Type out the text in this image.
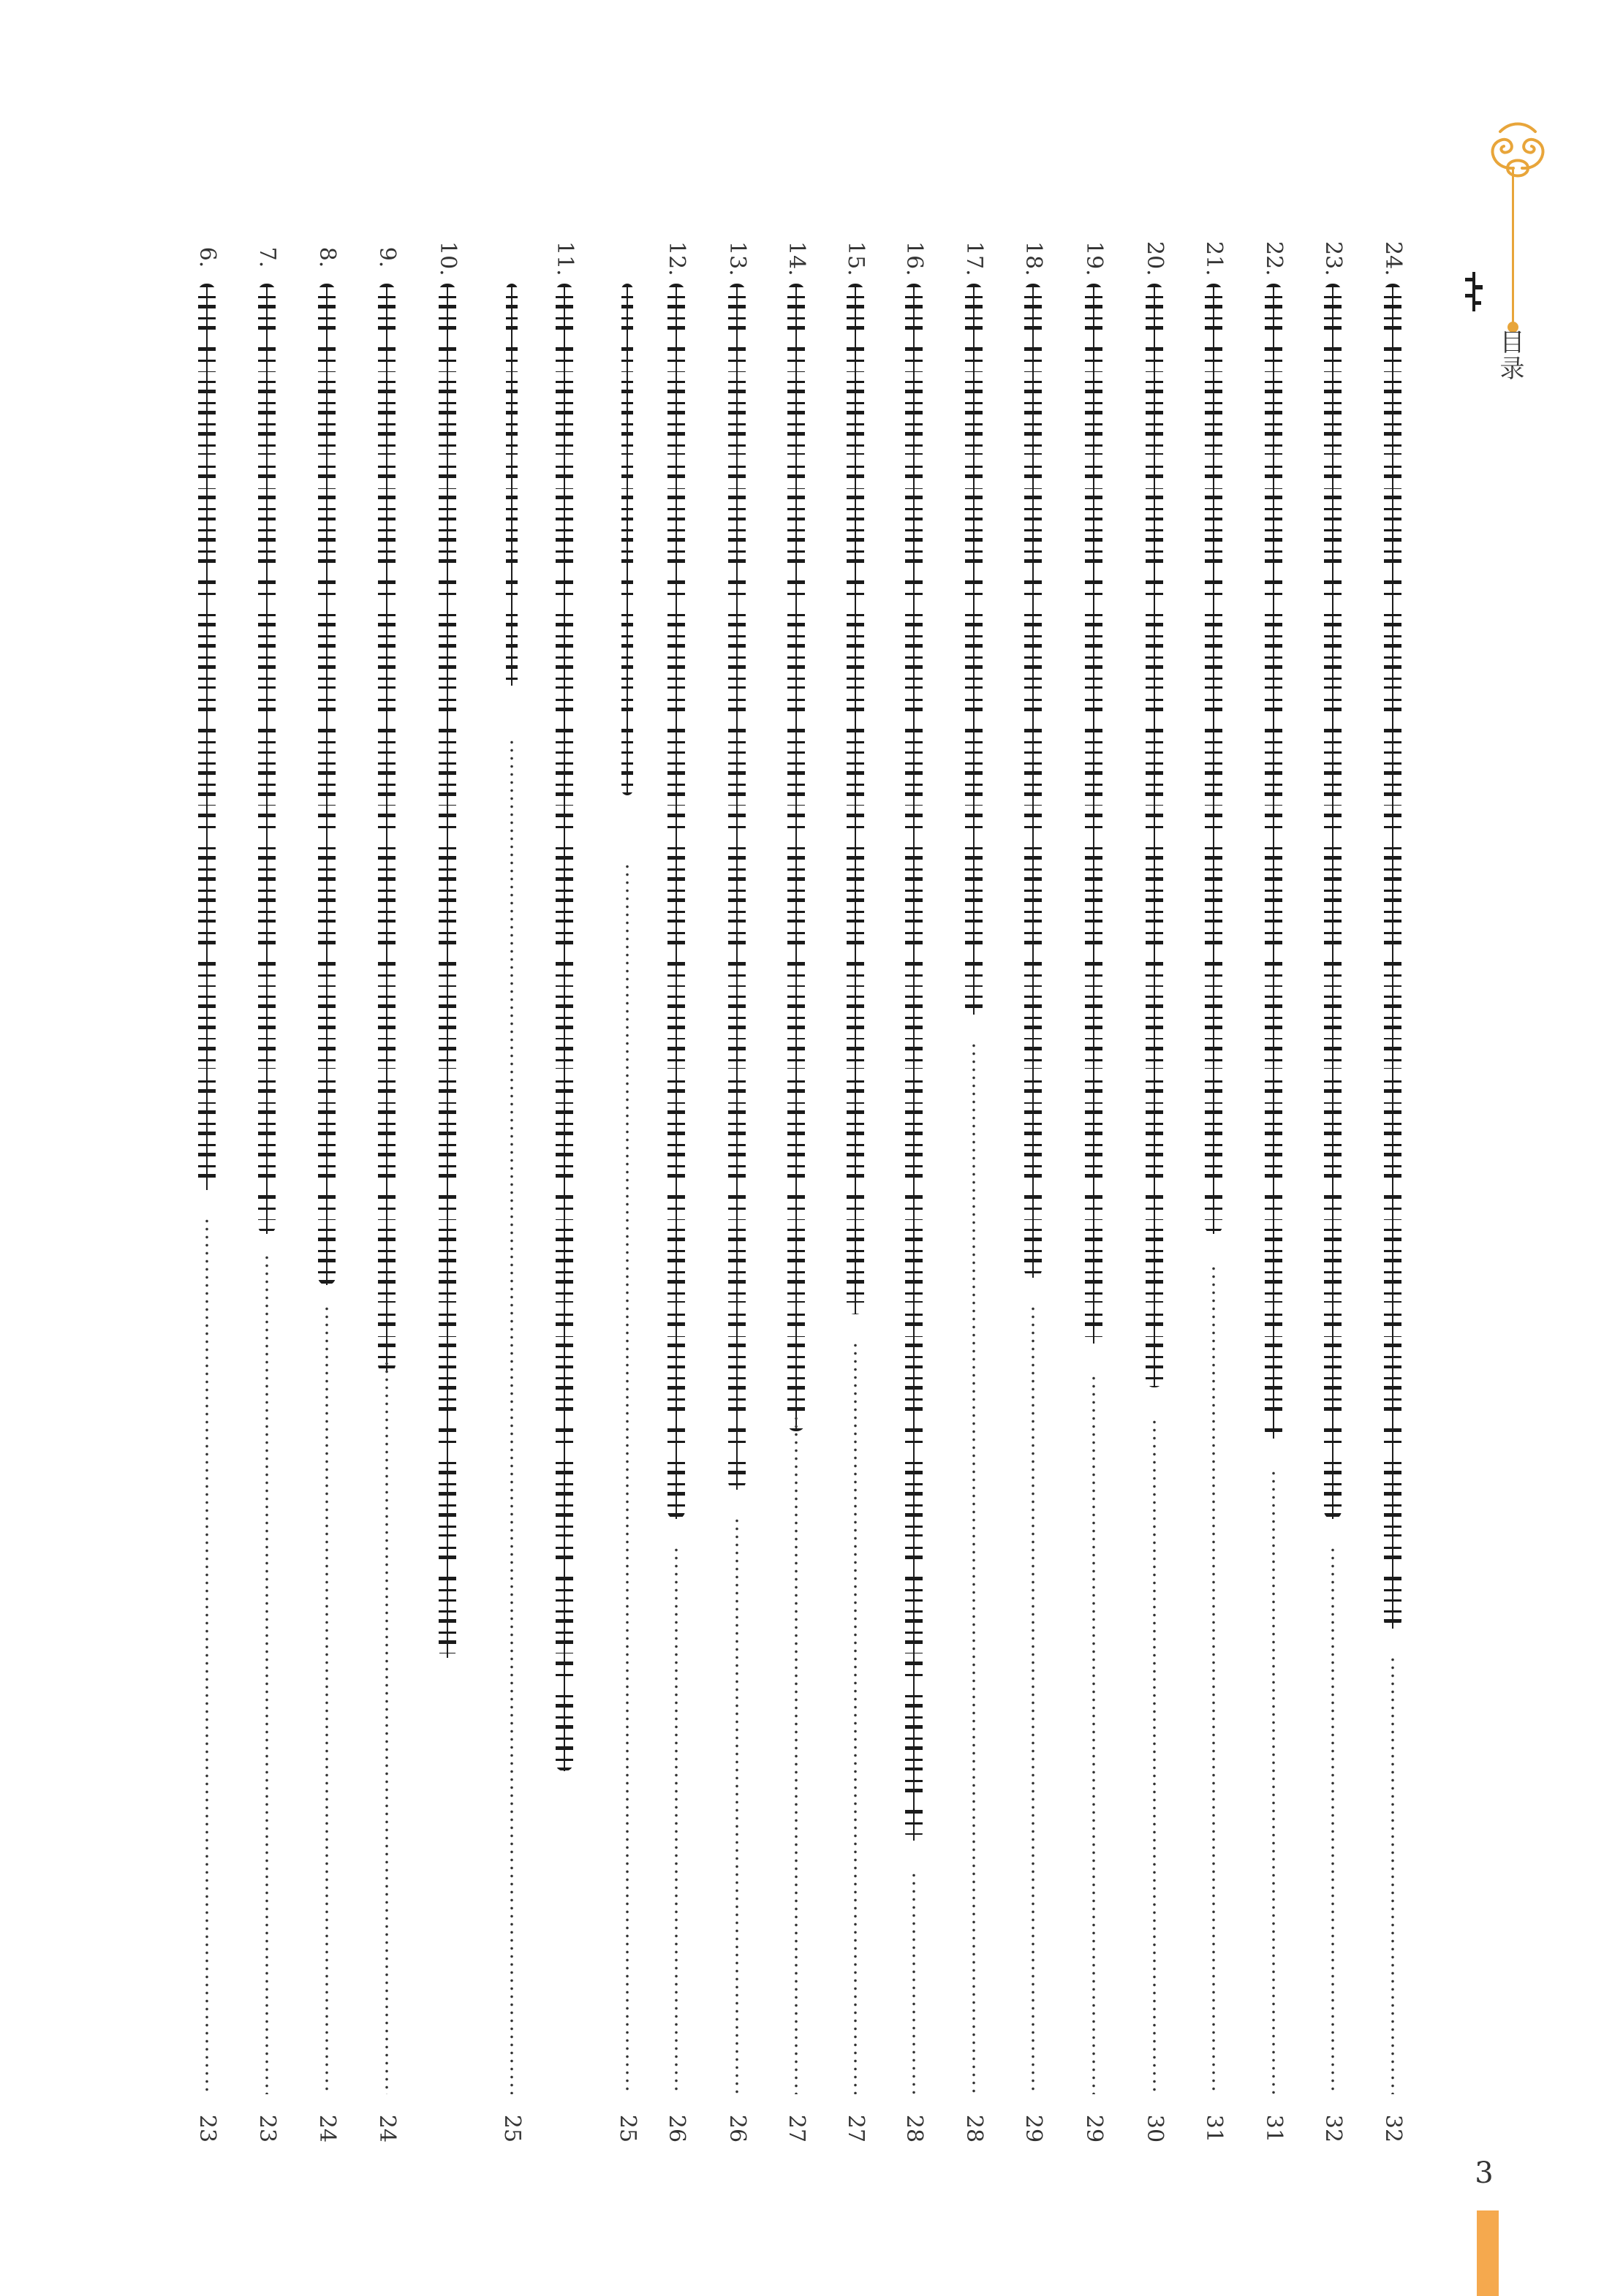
目录
24.
32
23.
32
22.
31
21.
31
20.
30
19.
29
18.
29
17.
28
16.
28
15.
27
14.
27
13.
26
12.
26
25
11.
25
10.
9.
24
8.
24
7.
23
6.
23
3
